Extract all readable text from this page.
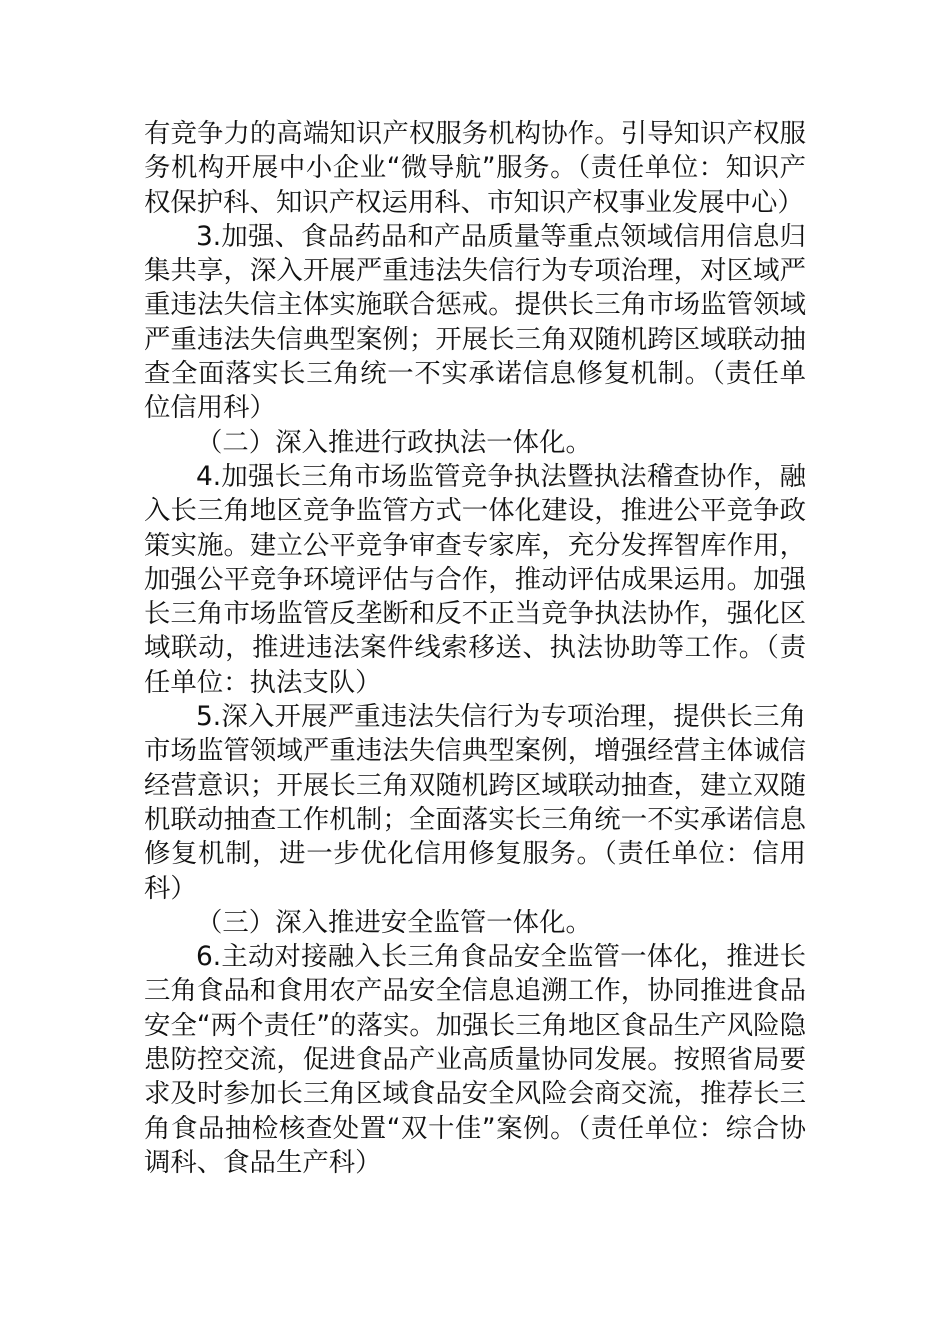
有竞争力的高端知识产权服务机构协作。引导知识产权服务机构开展中小企业“微导航”服务。（责任单位：知识产权保护科、知识产权运用科、市知识产权事业发展中心）

3.加强、食品药品和产品质量等重点领域信用信息归集共享，深入开展严重违法失信行为专项治理，对区域严重违法失信主体实施联合惩戒。提供长三角市场监管领域严重违法失信典型案例；开展长三角双随机跨区域联动抽查全面落实长三角统一不实承诺信息修复机制。（责任单位信用科）

（二）深入推进行政执法一体化。

4.加强长三角市场监管竞争执法暨执法稽查协作，融入长三角地区竞争监管方式一体化建设，推进公平竞争政策实施。建立公平竞争审查专家库，充分发挥智库作用，加强公平竞争环境评估与合作，推动评估成果运用。加强长三角市场监管反垄断和反不正当竞争执法协作，强化区域联动，推进违法案件线索移送、执法协助等工作。（责任单位：执法支队）

5.深入开展严重违法失信行为专项治理，提供长三角市场监管领域严重违法失信典型案例，增强经营主体诚信经营意识；开展长三角双随机跨区域联动抽查，建立双随机联动抽查工作机制；全面落实长三角统一不实承诺信息修复机制，进一步优化信用修复服务。（责任单位：信用科）

（三）深入推进安全监管一体化。

6.主动对接融入长三角食品安全监管一体化，推进长三角食品和食用农产品安全信息追溯工作，协同推进食品安全“两个责任”的落实。加强长三角地区食品生产风险隐患防控交流，促进食品产业高质量协同发展。按照省局要求及时参加长三角区域食品安全风险会商交流，推荐长三角食品抽检核查处置“双十佳”案例。（责任单位：综合协调科、食品生产科）
